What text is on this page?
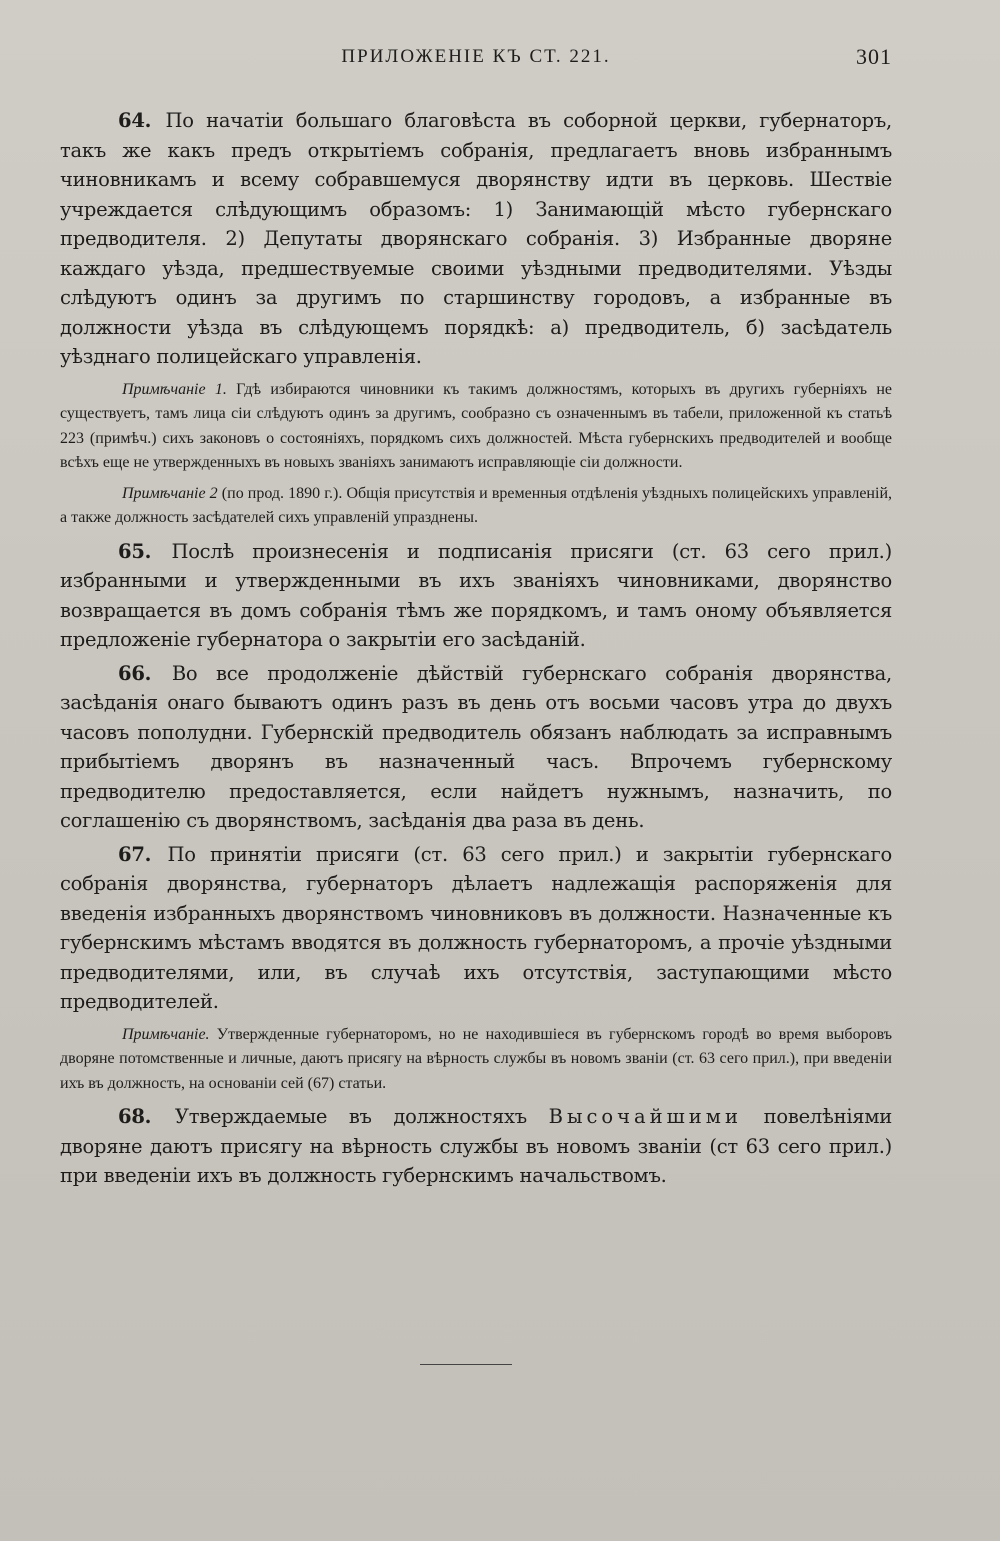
ПРИЛОЖЕНІЕ КЪ СТ. 221.	301

64. По начатіи большаго благовѣста въ соборной церкви, губернаторъ, такъ же какъ предъ открытіемъ собранія, предлагаетъ вновь избраннымъ чиновникамъ и всему собравшемуся дворянству идти въ церковь. Шествіе учреждается слѣдующимъ образомъ: 1) Занимающій мѣсто губернскаго предводителя. 2) Депутаты дворянскаго собранія. 3) Избранные дворяне каждаго уѣзда, предшествуемые своими уѣздными предводителями. Уѣзды слѣдуютъ одинъ за другимъ по старшинству городовъ, а избранные въ должности уѣзда въ слѣдующемъ порядкѣ: а) предводитель, б) засѣдатель уѣзднаго полицейскаго управленія.

Примѣчаніе 1. Гдѣ избираются чиновники къ такимъ должностямъ, которыхъ въ другихъ губерніяхъ не существуетъ, тамъ лица сіи слѣдуютъ одинъ за другимъ, сообразно съ означеннымъ въ табели, приложенной къ статьѣ 223 (примѣч.) сихъ законовъ о состояніяхъ, порядкомъ сихъ должностей. Мѣста губернскихъ предводителей и вообще всѣхъ еще не утвержденныхъ въ новыхъ званіяхъ занимаютъ исправляющіе сіи должности.

Примѣчаніе 2 (по прод. 1890 г.). Общія присутствія и временныя отдѣленія уѣздныхъ полицейскихъ управленій, а также должность засѣдателей сихъ управленій упразднены.

65. Послѣ произнесенія и подписанія присяги (ст. 63 сего прил.) избранными и утвержденными въ ихъ званіяхъ чиновниками, дворянство возвращается въ домъ собранія тѣмъ же порядкомъ, и тамъ оному объявляется предложеніе губернатора о закрытіи его засѣданій.

66. Во все продолженіе дѣйствій губернскаго собранія дворянства, засѣданія онаго бываютъ одинъ разъ въ день отъ восьми часовъ утра до двухъ часовъ пополудни. Губернскій предводитель обязанъ наблюдать за исправнымъ прибытіемъ дворянъ въ назначенный часъ. Впрочемъ губернскому предводителю предоставляется, если найдетъ нужнымъ, назначить, по соглашенію съ дворянствомъ, засѣданія два раза въ день.

67. По принятіи присяги (ст. 63 сего прил.) и закрытіи губернскаго собранія дворянства, губернаторъ дѣлаетъ надлежащія распоряженія для введенія избранныхъ дворянствомъ чиновниковъ въ должности. Назначенные къ губернскимъ мѣстамъ вводятся въ должность губернаторомъ, а прочіе уѣздными предводителями, или, въ случаѣ ихъ отсутствія, заступающими мѣсто предводителей.

Примѣчаніе. Утвержденные губернаторомъ, но не находившіеся въ губернскомъ городѣ во время выборовъ дворяне потомственные и личные, даютъ присягу на вѣрность службы въ новомъ званіи (ст. 63 сего прил.), при введеніи ихъ въ должность, на основаніи сей (67) статьи.

68. Утверждаемые въ должностяхъ Высочайшими повелѣніями дворяне даютъ присягу на вѣрность службы въ новомъ званіи (ст 63 сего прил.) при введеніи ихъ въ должность губернскимъ начальствомъ.
